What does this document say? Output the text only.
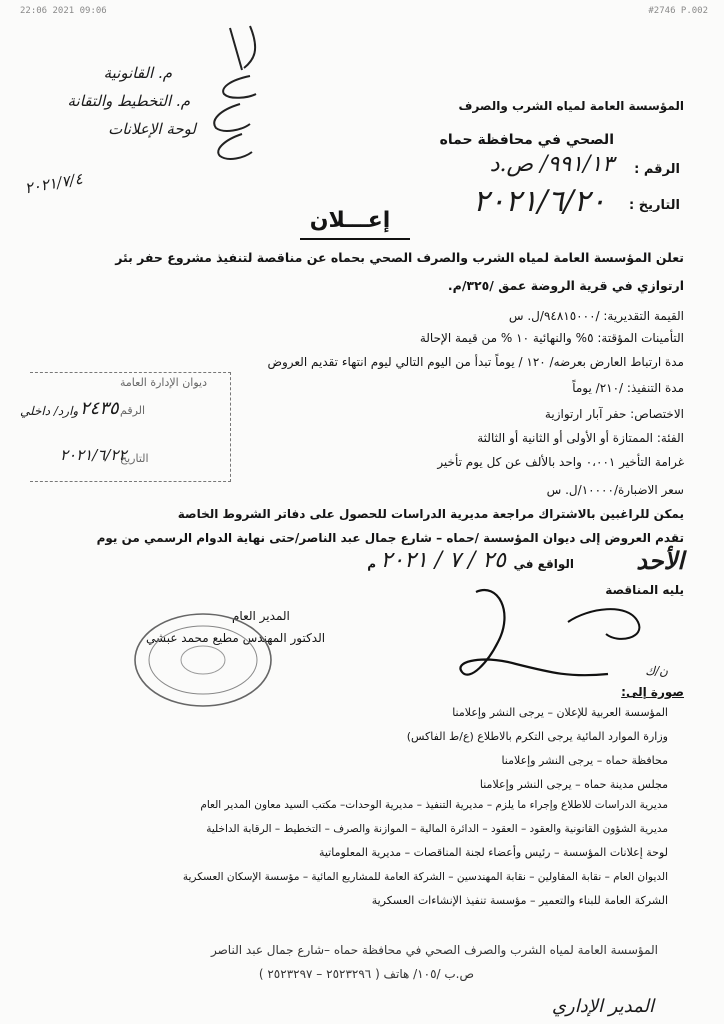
22:06 2021 09:06	#2746 P.002
م. القانونية
م. التخطيط والتقانة
لوحة الإعلانات
٢٠٢١/٧/٤
المؤسسة العامة لمياه الشرب والصرف
الصحي في محافظة حماه
الرقم :
٩٩١/١٣/ ص.د
التاريخ :
٢٠٢١/٦/٢٠
إعـــلان
تعلن المؤسسة العامة لمياه الشرب والصرف الصحي بحماه عن مناقصة لتنفيذ مشروع حفر بئر
ارتوازي في قرية الروضة عمق /٣٢٥/م.
القيمة التقديرية: /٩٤٨١٥٠٠٠/ل. س
التأمينات المؤقتة: ٥% والنهائية ١٠ % من قيمة الإحالة
مدة ارتباط العارض بعرضه/ ١٢٠ / يوماً تبدأ من اليوم التالي ليوم انتهاء تقديم العروض
مدة التنفيذ: /٢١٠/ يوماً
الاختصاص: حفر آبار ارتوازية
الفئة: الممتازة أو الأولى أو الثانية أو الثالثة
غرامة التأخير ٠،٠٠١ واحد بالألف عن كل يوم تأخير
سعر الاضبارة/١٠٠٠٠/ل. س
ديوان الإدارة العامة
الرقم
٢٤٣٥
وارد/ داخلي
التاريخ
٢٠٢١/٦/٢٢
يمكن للراغبين بالاشتراك مراجعة مديرية الدراسات للحصول على دفاتر الشروط الخاصة
تقدم العروض إلى ديوان المؤسسة /حماه – شارع جمال عبد الناصر/حتى نهاية الدوام الرسمي من يوم
الأحد
الواقع في
٢٥ / ٧ / ٢٠٢١
م
يليه المناقصة
المدير العام
الدكتور المهندس مطيع محمد عبشي
ن/ك
صورة إلى:
المؤسسة العربية للإعلان – يرجى النشر وإعلامنا
وزارة الموارد المائية يرجى التكرم بالاطلاع (ع/ط الفاكس)
محافظة حماه – يرجى النشر وإعلامنا
مجلس مدينة حماه – يرجى النشر وإعلامنا
مديرية الدراسات للاطلاع وإجراء ما يلزم – مديرية التنفيذ – مديرية الوحدات– مكتب السيد معاون المدير العام
مديرية الشؤون القانونية والعقود – العقود – الدائرة المالية – الموازنة والصرف – التخطيط – الرقابة الداخلية
لوحة إعلانات المؤسسة – رئيس وأعضاء لجنة المناقصات – مديرية المعلوماتية
الديوان العام – نقابة المقاولين – نقابة المهندسين – الشركة العامة للمشاريع المائية – مؤسسة الإسكان العسكرية
الشركة العامة للبناء والتعمير – مؤسسة تنفيذ الإنشاءات العسكرية
المؤسسة العامة لمياه الشرب والصرف الصحي في محافظة حماه –شارع جمال عبد الناصر
ص.ب /١٠٥/ هاتف ( ٢٥٢٣٢٩٦ – ٢٥٢٣٢٩٧ )
المدير الإداري
